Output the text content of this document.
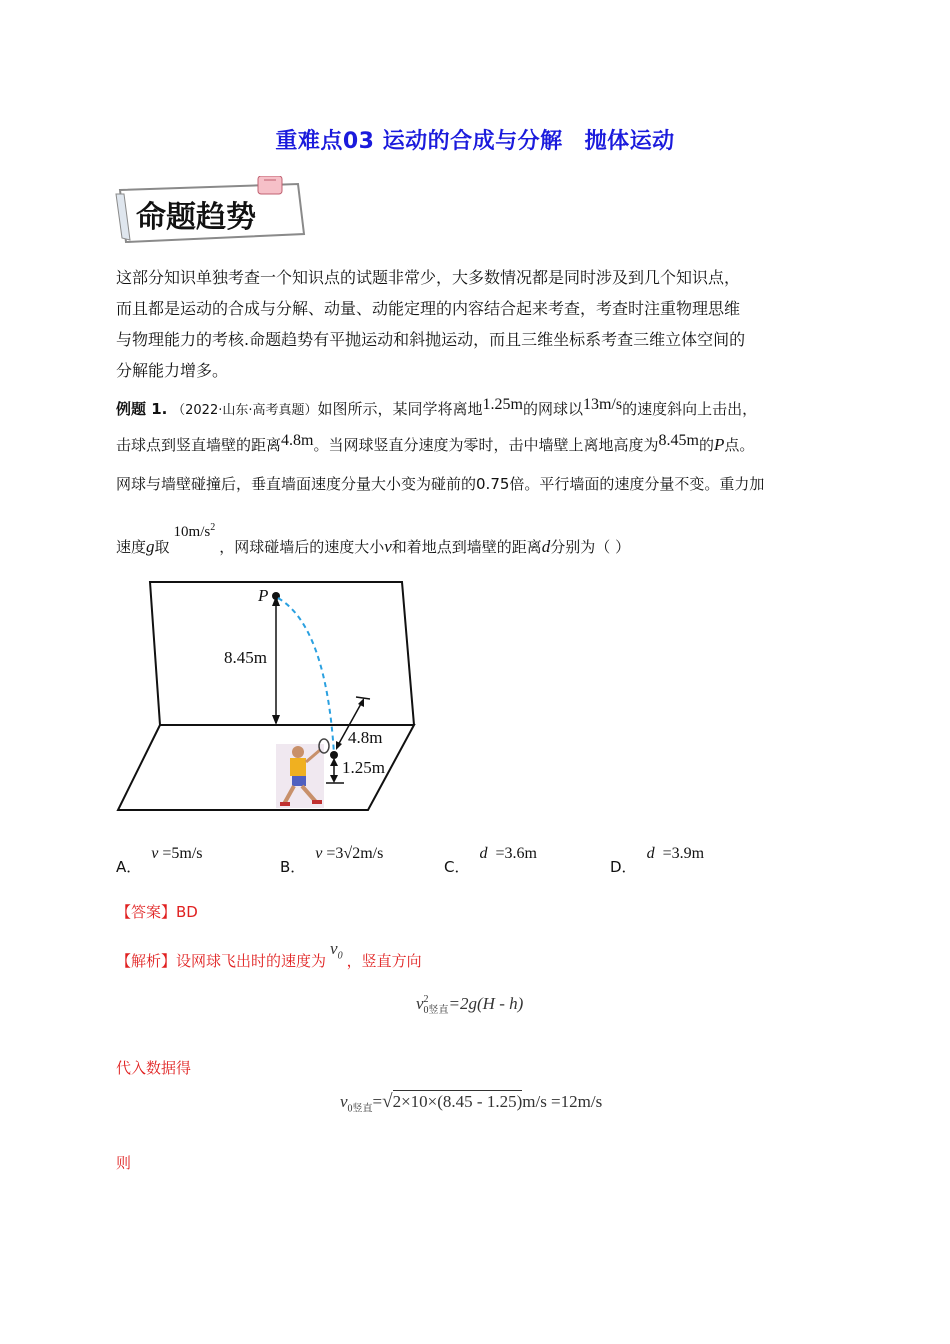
重难点03 运动的合成与分解 抛体运动
命题趋势
这部分知识单独考查一个知识点的试题非常少，大多数情况都是同时涉及到几个知识点，
而且都是运动的合成与分解、动量、动能定理的内容结合起来考查，考查时注重物理思维
与物理能力的考核.命题趋势有平抛运动和斜抛运动，而且三维坐标系考查三维立体空间的
分解能力增多。
例题 1. （2022·山东·高考真题）如图所示，某同学将离地1.25m的网球以13m/s的速度斜向上击出，
击球点到竖直墙壁的距离4.8m。当网球竖直分速度为零时，击中墙壁上离地高度为8.45m的P点。
网球与墙壁碰撞后，垂直墙面速度分量大小变为碰前的0.75倍。平行墙面的速度分量不变。重力加
速度g取$10m/s^2$，网球碰墙后的速度大小v和着地点到墙壁的距离d分别为（ ）
P
8.45m
4.8m
1.25m
A．v =5m/s
B．v =3√2m/s
C．d =3.6m
D．d =3.9m
【答案】BD
【解析】设网球飞出时的速度为$v_0$ ，竖直方向
v 2
0竖直 =2g(H - h)
代入数据得
$v_{0竖直}=√2\times 10\times(8.45 - 1.25)m/s =12m/s$
则
